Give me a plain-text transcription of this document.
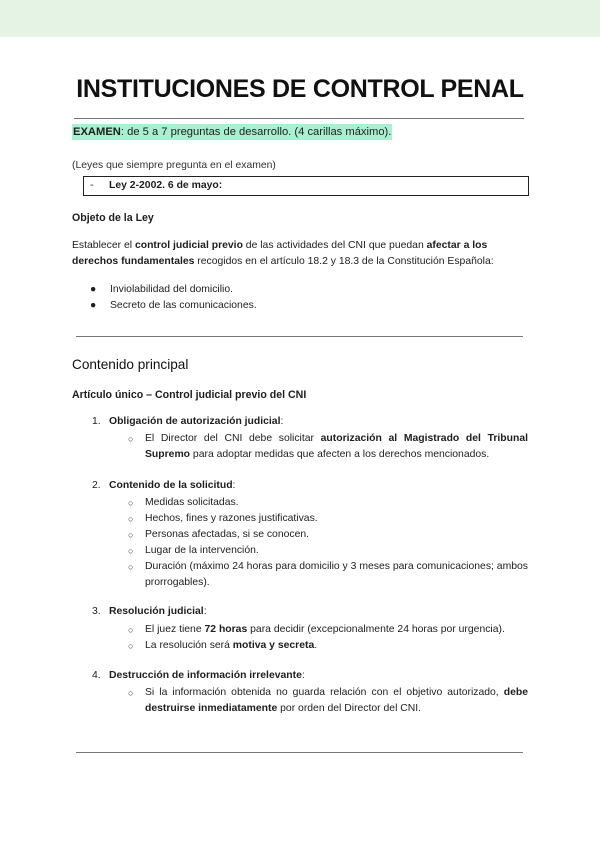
INSTITUCIONES DE CONTROL PENAL
EXAMEN: de 5 a 7 preguntas de desarrollo. (4 carillas máximo).
(Leyes que siempre pregunta en el examen)
- Ley 2-2002. 6 de mayo:
Objeto de la Ley
Establecer el control judicial previo de las actividades del CNI que puedan afectar a los derechos fundamentales recogidos en el artículo 18.2 y 18.3 de la Constitución Española:
● Inviolabilidad del domicilio.
● Secreto de las comunicaciones.
Contenido principal
Artículo único – Control judicial previo del CNI
1. Obligación de autorización judicial:
○ El Director del CNI debe solicitar autorización al Magistrado del Tribunal Supremo para adoptar medidas que afecten a los derechos mencionados.
2. Contenido de la solicitud:
○ Medidas solicitadas.
○ Hechos, fines y razones justificativas.
○ Personas afectadas, si se conocen.
○ Lugar de la intervención.
○ Duración (máximo 24 horas para domicilio y 3 meses para comunicaciones; ambos prorrogables).
3. Resolución judicial:
○ El juez tiene 72 horas para decidir (excepcionalmente 24 horas por urgencia).
○ La resolución será motiva y secreta.
4. Destrucción de información irrelevante:
○ Si la información obtenida no guarda relación con el objetivo autorizado, debe destruirse inmediatamente por orden del Director del CNI.
